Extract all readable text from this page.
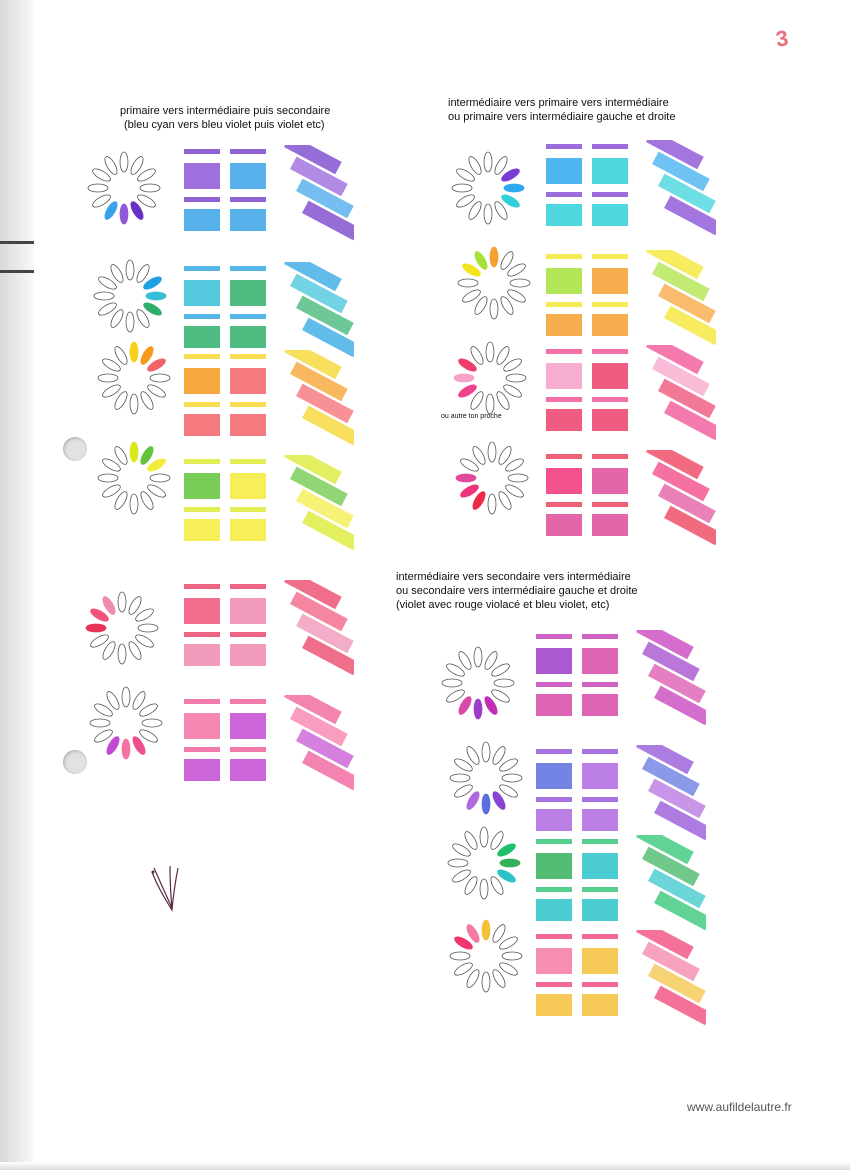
3
primaire vers intermédiaire puis secondaire
(bleu cyan vers bleu violet puis violet etc)
intermédiaire vers primaire vers intermédiaire
ou primaire vers intermédiaire gauche et droite
ou autre ton proche
intermédiaire vers secondaire vers intermédiaire
ou secondaire vers intermédiaire gauche et droite
(violet avec rouge violacé et bleu violet, etc)
www.aufildelautre.fr
